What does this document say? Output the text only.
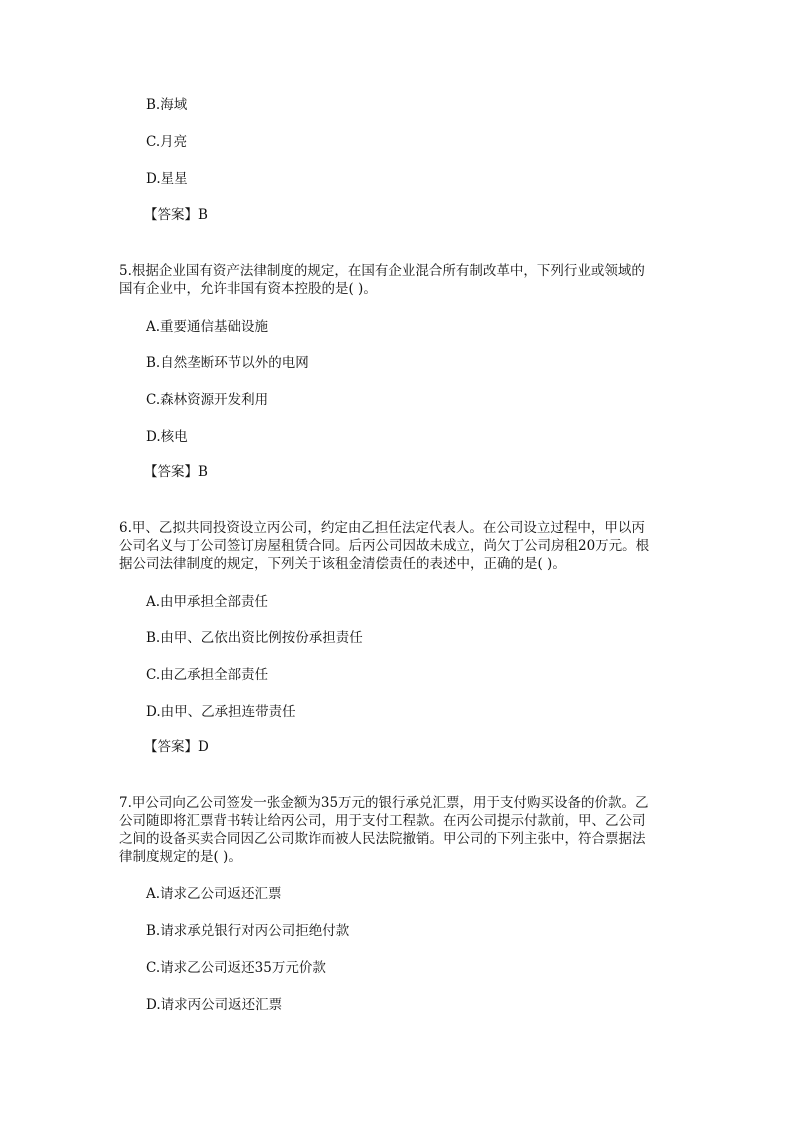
B.海域
C.月亮
D.星星
【答案】B
5.根据企业国有资产法律制度的规定，在国有企业混合所有制改革中，下列行业或领域的
国有企业中，允许非国有资本控股的是( )。
A.重要通信基础设施
B.自然垄断环节以外的电网
C.森林资源开发利用
D.核电
【答案】B
6.甲、乙拟共同投资设立丙公司，约定由乙担任法定代表人。在公司设立过程中，甲以丙
公司名义与丁公司签订房屋租赁合同。后丙公司因故未成立，尚欠丁公司房租20万元。根
据公司法律制度的规定，下列关于该租金清偿责任的表述中，正确的是( )。
A.由甲承担全部责任
B.由甲、乙依出资比例按份承担责任
C.由乙承担全部责任
D.由甲、乙承担连带责任
【答案】D
7.甲公司向乙公司签发一张金额为35万元的银行承兑汇票，用于支付购买设备的价款。乙
公司随即将汇票背书转让给丙公司，用于支付工程款。在丙公司提示付款前，甲、乙公司
之间的设备买卖合同因乙公司欺诈而被人民法院撤销。甲公司的下列主张中，符合票据法
律制度规定的是( )。
A.请求乙公司返还汇票
B.请求承兑银行对丙公司拒绝付款
C.请求乙公司返还35万元价款
D.请求丙公司返还汇票
